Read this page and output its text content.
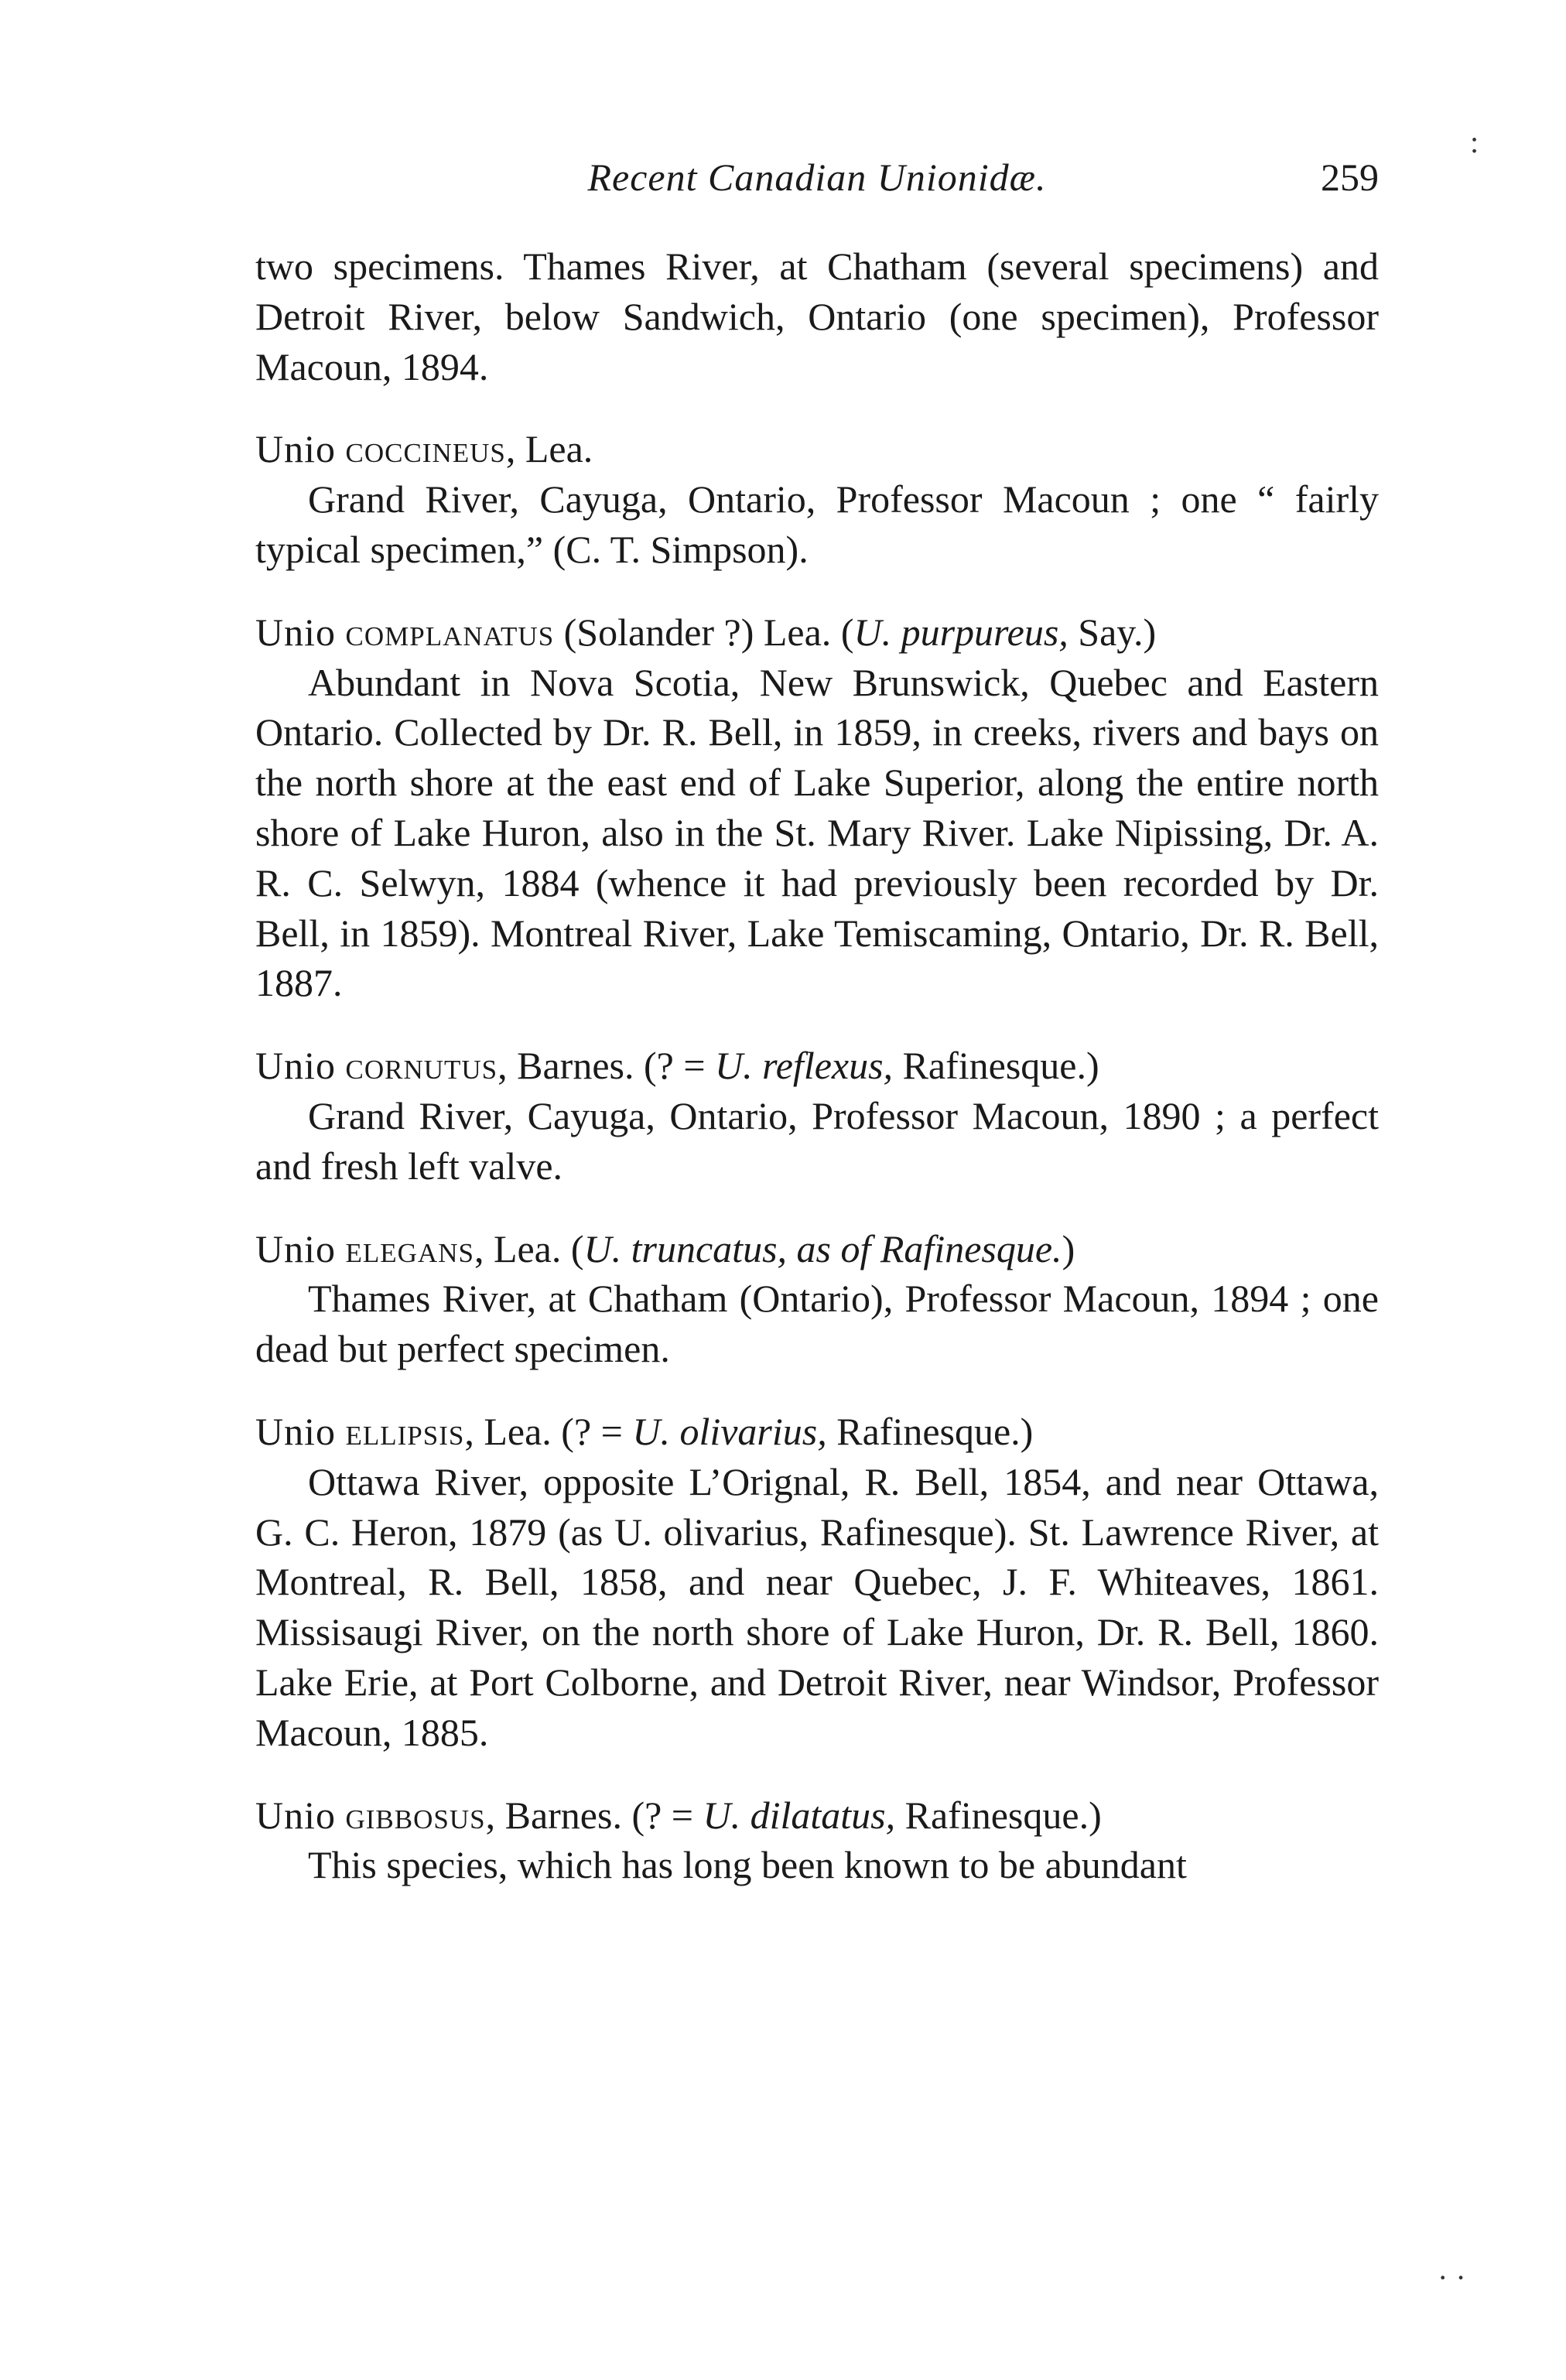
:
· ·
Recent Canadian Unionidæ.	259

two specimens. Thames River, at Chatham (several specimens) and Detroit River, below Sandwich, Ontario (one specimen), Professor Macoun, 1894.

Unio coccineus, Lea.

Grand River, Cayuga, Ontario, Professor Macoun ; one “ fairly typical specimen,” (C. T. Simpson).

Unio complanatus (Solander ?) Lea. (U. purpureus, Say.)

Abundant in Nova Scotia, New Brunswick, Quebec and Eastern Ontario. Collected by Dr. R. Bell, in 1859, in creeks, rivers and bays on the north shore at the east end of Lake Superior, along the entire north shore of Lake Huron, also in the St. Mary River. Lake Nipissing, Dr. A. R. C. Selwyn, 1884 (whence it had previously been recorded by Dr. Bell, in 1859). Montreal River, Lake Temiscaming, Ontario, Dr. R. Bell, 1887.

Unio cornutus, Barnes. (? = U. reflexus, Rafinesque.)

Grand River, Cayuga, Ontario, Professor Macoun, 1890 ; a perfect and fresh left valve.

Unio elegans, Lea. (U. truncatus, as of Rafinesque.)

Thames River, at Chatham (Ontario), Professor Macoun, 1894 ; one dead but perfect specimen.

Unio ellipsis, Lea. (? = U. olivarius, Rafinesque.)

Ottawa River, opposite L’Orignal, R. Bell, 1854, and near Ottawa, G. C. Heron, 1879 (as U. olivarius, Rafinesque). St. Lawrence River, at Montreal, R. Bell, 1858, and near Quebec, J. F. Whiteaves, 1861. Missisaugi River, on the north shore of Lake Huron, Dr. R. Bell, 1860. Lake Erie, at Port Colborne, and Detroit River, near Windsor, Professor Macoun, 1885.

Unio gibbosus, Barnes. (? = U. dilatatus, Rafinesque.)

This species, which has long been known to be abundant
